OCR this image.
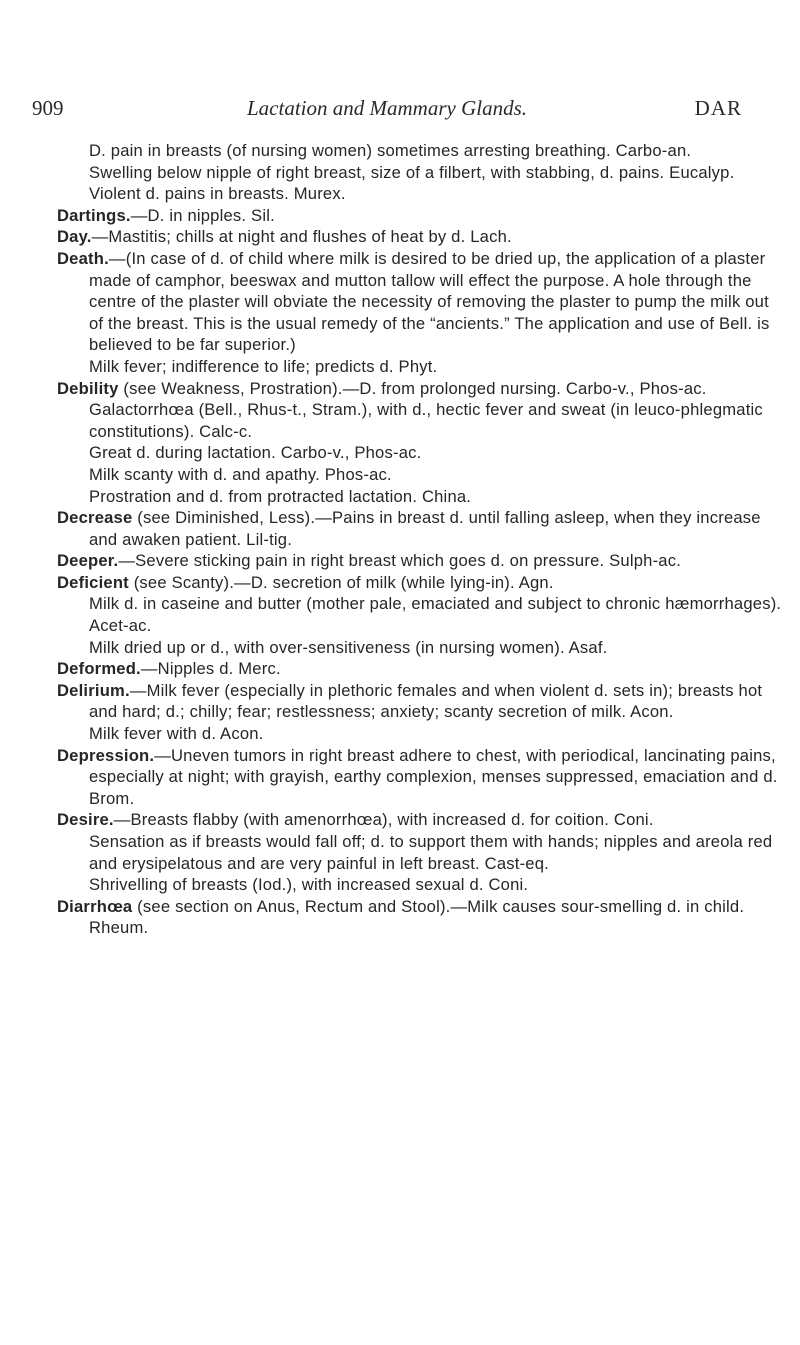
909	Lactation and Mammary Glands.	DAR

D. pain in breasts (of nursing women) sometimes arresting breathing. Carbo-an.

Swelling below nipple of right breast, size of a filbert, with stabbing, d. pains. Eucalyp.

Violent d. pains in breasts. Murex.

Dartings.—D. in nipples. Sil.

Day.—Mastitis; chills at night and flushes of heat by d. Lach.

Death.—(In case of d. of child where milk is desired to be dried up, the application of a plaster made of camphor, beeswax and mutton tallow will effect the purpose. A hole through the centre of the plaster will obviate the necessity of removing the plaster to pump the milk out of the breast. This is the usual remedy of the “ancients.” The application and use of Bell. is believed to be far superior.)

Milk fever; indifference to life; predicts d. Phyt.

Debility (see Weakness, Prostration).—D. from prolonged nursing. Carbo-v., Phos-ac.

Galactorrhœa (Bell., Rhus-t., Stram.), with d., hectic fever and sweat (in leuco-phlegmatic constitutions). Calc-c.

Great d. during lactation. Carbo-v., Phos-ac.

Milk scanty with d. and apathy. Phos-ac.

Prostration and d. from protracted lactation. China.

Decrease (see Diminished, Less).—Pains in breast d. until falling asleep, when they increase and awaken patient. Lil-tig.

Deeper.—Severe sticking pain in right breast which goes d. on pressure. Sulph-ac.

Deficient (see Scanty).—D. secretion of milk (while lying-in). Agn.

Milk d. in caseine and butter (mother pale, emaciated and subject to chronic hæmorrhages). Acet-ac.

Milk dried up or d., with over-sensitiveness (in nursing women). Asaf.

Deformed.—Nipples d. Merc.

Delirium.—Milk fever (especially in plethoric females and when violent d. sets in); breasts hot and hard; d.; chilly; fear; restlessness; anxiety; scanty secretion of milk. Acon.

Milk fever with d. Acon.

Depression.—Uneven tumors in right breast adhere to chest, with periodical, lancinating pains, especially at night; with grayish, earthy complexion, menses suppressed, emaciation and d. Brom.

Desire.—Breasts flabby (with amenorrhœa), with increased d. for coition. Coni.

Sensation as if breasts would fall off; d. to support them with hands; nipples and areola red and erysipelatous and are very painful in left breast. Cast-eq.

Shrivelling of breasts (Iod.), with increased sexual d. Coni.

Diarrhœa (see section on Anus, Rectum and Stool).—Milk causes sour-smelling d. in child. Rheum.
